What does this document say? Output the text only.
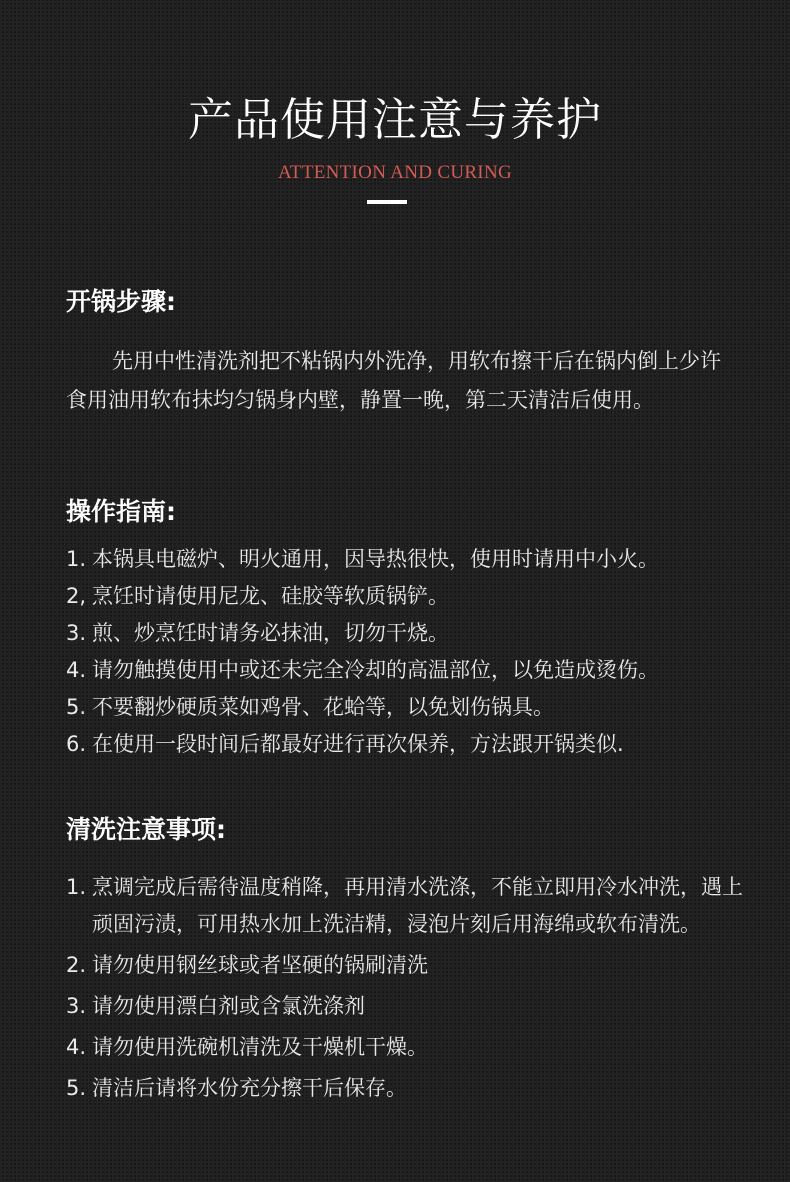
产品使用注意与养护
ATTENTION AND CURING
开锅步骤:
先用中性清洗剂把不粘锅内外洗净，用软布擦干后在锅内倒上少许食用油用软布抹均匀锅身内壁，静置一晚，第二天清洁后使用。
操作指南:
1. 本锅具电磁炉、明火通用，因导热很快，使用时请用中小火。
2, 烹饪时请使用尼龙、硅胶等软质锅铲。
3. 煎、炒烹饪时请务必抹油，切勿干烧。
4. 请勿触摸使用中或还未完全冷却的高温部位，以免造成烫伤。
5. 不要翻炒硬质菜如鸡骨、花蛤等，以免划伤锅具。
6. 在使用一段时间后都最好进行再次保养，方法跟开锅类似.
清洗注意事项:
1. 烹调完成后需待温度稍降，再用清水洗涤，不能立即用冷水冲洗，遇上顽固污渍，可用热水加上洗洁精，浸泡片刻后用海绵或软布清洗。
2. 请勿使用钢丝球或者坚硬的锅刷清洗
3. 请勿使用漂白剂或含氯洗涤剂
4. 请勿使用洗碗机清洗及干燥机干燥。
5. 清洁后请将水份充分擦干后保存。
